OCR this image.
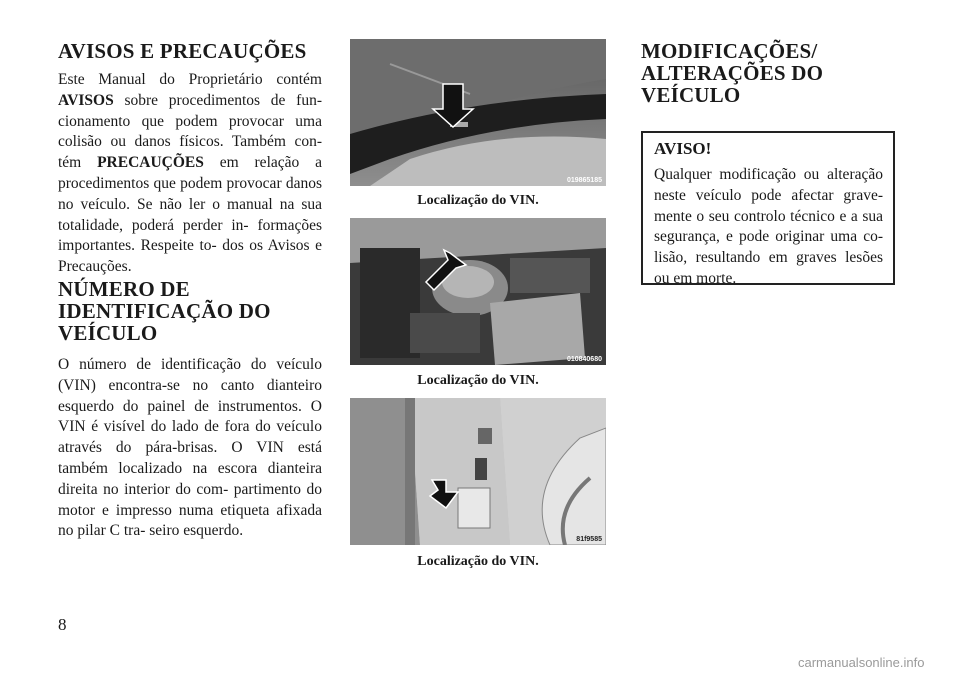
AVISOS E PRECAUÇÕES

Este Manual do Proprietário contém AVISOS sobre procedimentos de fun- cionamento que podem provocar uma colisão ou danos físicos. Também con- tém PRECAUÇÕES em relação a procedimentos que podem provocar danos no veículo. Se não ler o manual na sua totalidade, poderá perder in- formações importantes. Respeite to- dos os Avisos e Precauções.

NÚMERO DE
IDENTIFICAÇÃO DO
VEÍCULO

O número de identificação do veículo (VIN) encontra-se no canto dianteiro esquerdo do painel de instrumentos. O VIN é visível do lado de fora do veículo através do pára-brisas. O VIN está também localizado na escora dianteira direita no interior do com- partimento do motor e impresso numa etiqueta afixada no pilar C tra- seiro esquerdo.

019865185
Localização do VIN.
010840680
Localização do VIN.
81f9585
Localização do VIN.
MODIFICAÇÕES/
ALTERAÇÕES DO
VEÍCULO

AVISO!

Qualquer modificação ou alteração neste veículo pode afectar grave- mente o seu controlo técnico e a sua segurança, e pode originar uma co- lisão, resultando em graves lesões ou em morte.

8
carmanualsonline.info
